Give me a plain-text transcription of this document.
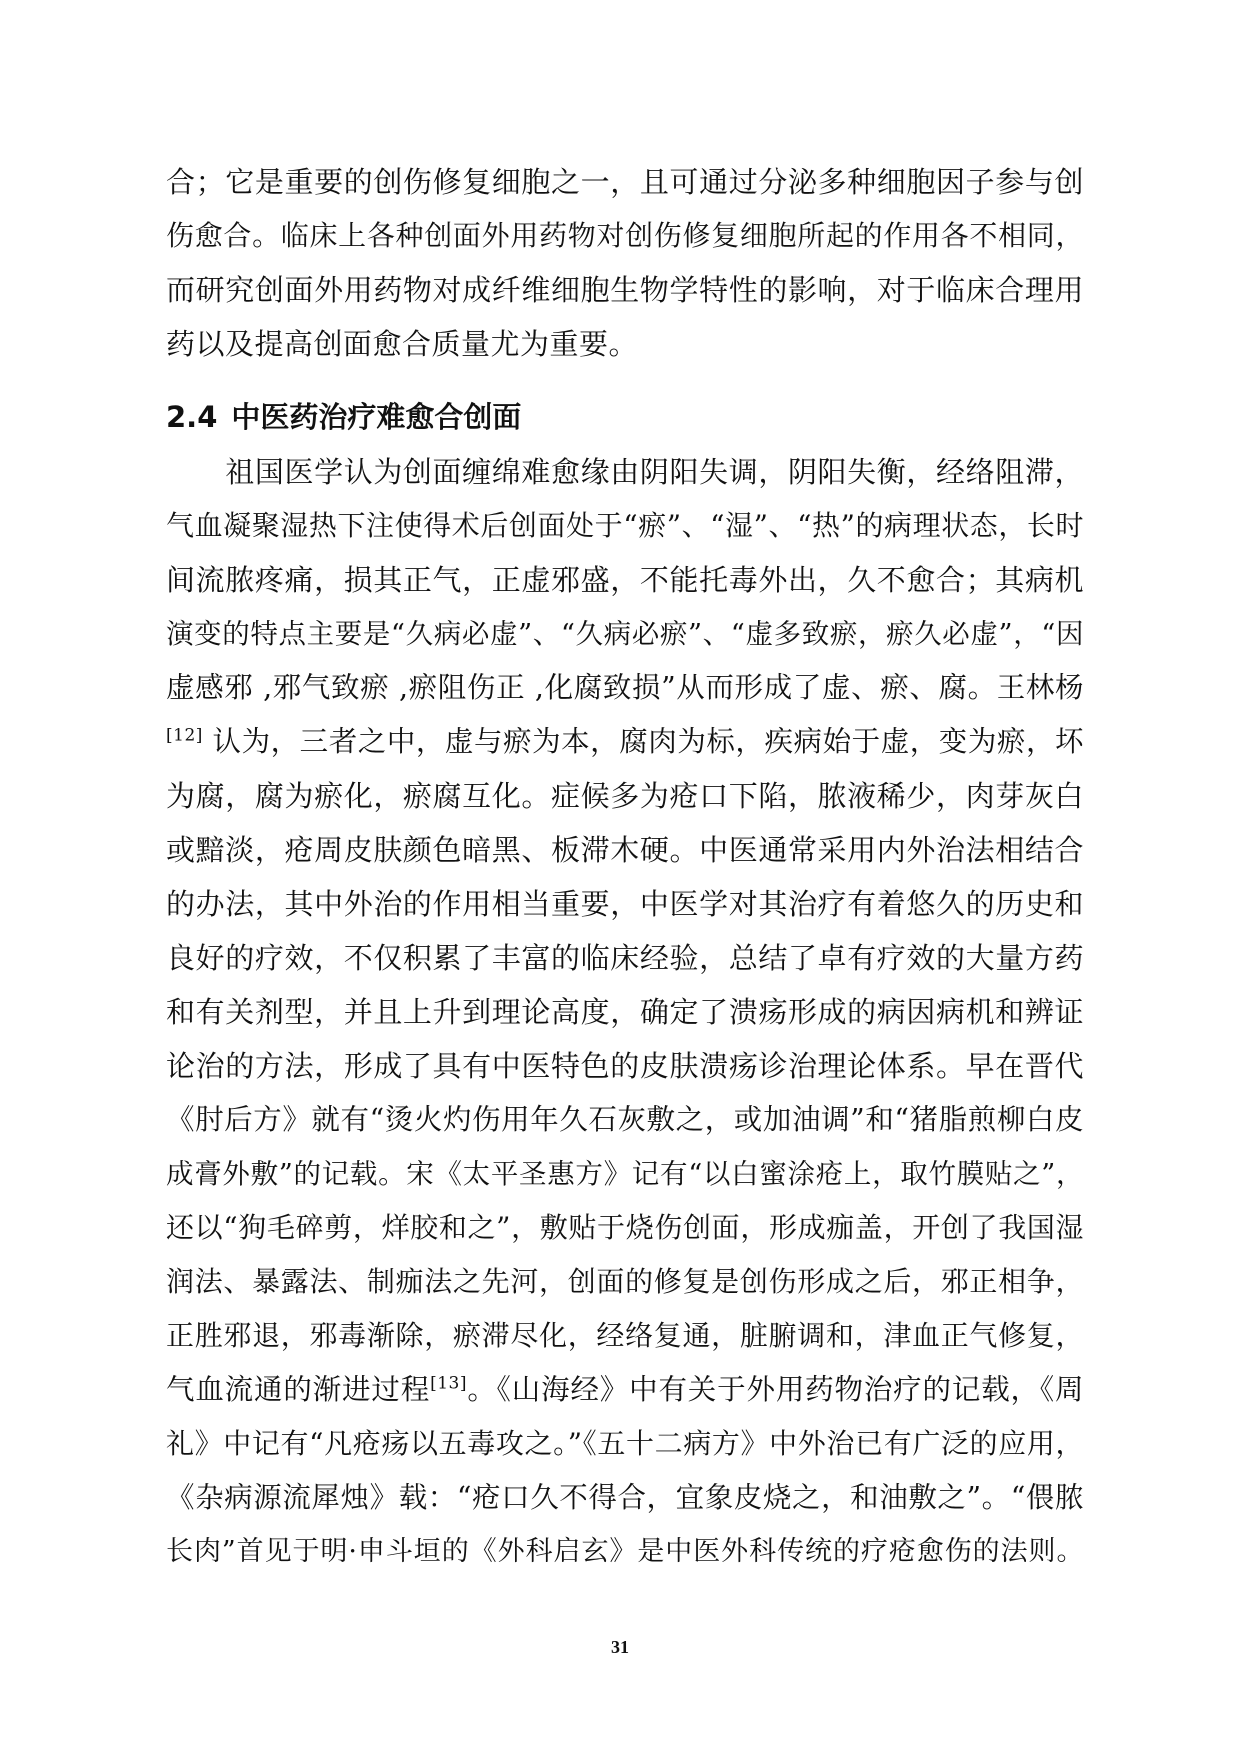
合；它是重要的创伤修复细胞之一，且可通过分泌多种细胞因子参与创
伤愈合。临床上各种创面外用药物对创伤修复细胞所起的作用各不相同，
而研究创面外用药物对成纤维细胞生物学特性的影响，对于临床合理用
药以及提高创面愈合质量尤为重要。
2.4 中医药治疗难愈合创面
　　祖国医学认为创面缠绵难愈缘由阴阳失调，阴阳失衡，经络阻滞，
气血凝聚湿热下注使得术后创面处于“瘀”、“湿”、“热”的病理状态，长时
间流脓疼痛，损其正气，正虚邪盛，不能托毒外出，久不愈合；其病机
演变的特点主要是“久病必虚”、“久病必瘀”、“虚多致瘀，瘀久必虚”，“因
虚感邪 ,邪气致瘀 ,瘀阻伤正 ,化腐致损”从而形成了虚、瘀、腐。王林杨
[12] 认为，三者之中，虚与瘀为本，腐肉为标，疾病始于虚，变为瘀，坏
为腐，腐为瘀化，瘀腐互化。症候多为疮口下陷，脓液稀少，肉芽灰白
或黯淡，疮周皮肤颜色暗黑、板滞木硬。中医通常采用内外治法相结合
的办法，其中外治的作用相当重要，中医学对其治疗有着悠久的历史和
良好的疗效，不仅积累了丰富的临床经验，总结了卓有疗效的大量方药
和有关剂型，并且上升到理论高度，确定了溃疡形成的病因病机和辨证
论治的方法，形成了具有中医特色的皮肤溃疡诊治理论体系。早在晋代
《肘后方》就有“烫火灼伤用年久石灰敷之，或加油调”和“猪脂煎柳白皮
成膏外敷”的记载。宋《太平圣惠方》记有“以白蜜涂疮上，取竹膜贴之”，
还以“狗毛碎剪，烊胶和之”，敷贴于烧伤创面，形成痂盖，开创了我国湿
润法、暴露法、制痂法之先河，创面的修复是创伤形成之后，邪正相争，
正胜邪退，邪毒渐除，瘀滞尽化，经络复通，脏腑调和，津血正气修复，
气血流通的渐进过程[13]。《山海经》中有关于外用药物治疗的记载，《周
礼》中记有“凡疮疡以五毒攻之。”《五十二病方》中外治已有广泛的应用，
《杂病源流犀烛》载：“疮口久不得合，宜象皮烧之，和油敷之”。“偎脓
长肉”首见于明·申斗垣的《外科启玄》是中医外科传统的疗疮愈伤的法则。
31
